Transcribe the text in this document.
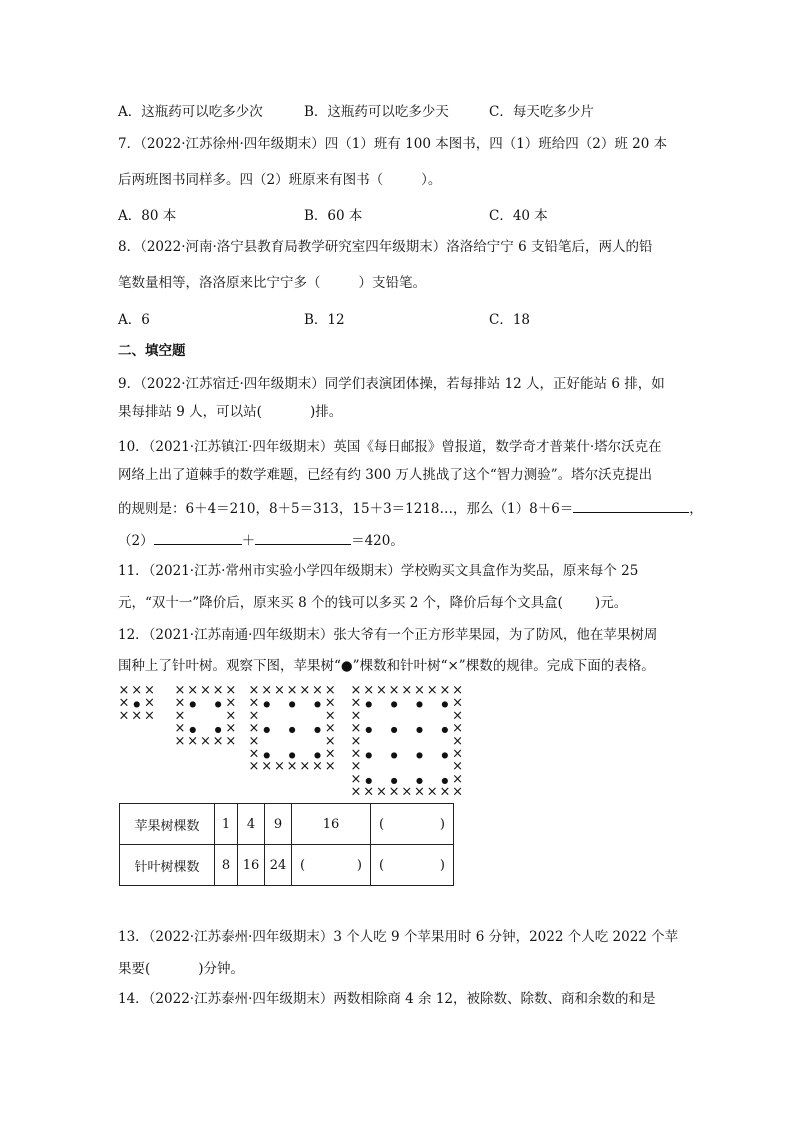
A．这瓶药可以吃多少次	B．这瓶药可以吃多少天	C．每天吃多少片
7．（2022·江苏徐州·四年级期末）四（1）班有 100 本图书，四（1）班给四（2）班 20 本
后两班图书同样多。四（2）班原来有图书（	）。
A．80 本	B．60 本	C．40 本
8．（2022·河南·洛宁县教育局教学研究室四年级期末）洛洛给宁宁 6 支铅笔后，两人的铅
笔数量相等，洛洛原来比宁宁多（	）支铅笔。
A．6	B．12	C．18
二、填空题
9．（2022·江苏宿迁·四年级期末）同学们表演团体操，若每排站 12 人，正好能站 6 排，如
果每排站 9 人，可以站(	)排。
10．（2021·江苏镇江·四年级期末）英国《每日邮报》曾报道，数学奇才普莱什·塔尔沃克在
网络上出了道棘手的数学难题，已经有约 300 万人挑战了这个“智力测验”。塔尔沃克提出
的规则是：6＋4＝210，8＋5＝313，15＋3＝1218…，那么（1）8＋6＝	，
（2）	＋	＝420。
11．（2021·江苏·常州市实验小学四年级期末）学校购买文具盒作为奖品，原来每个 25
元，“双十一”降价后，原来买 8 个的钱可以多买 2 个，降价后每个文具盒( )元。
12．（2021·江苏南通·四年级期末）张大爷有一个正方形苹果园，为了防风，他在苹果树周
围种上了针叶树。观察下图，苹果树“●”棵数和针叶树“×”棵数的规律。完成下面的表格。
× × ×
× ● ×
× × ×
× × × × ×
× ● ● ×
×	×
× ● ● ×
× × × × ×
× × × × × × ×
× ● ● ● ×
×	×
× ● ● ● ×
×	×
× ● ● ● ×
× × × × × × ×
× × × × × × × × ×
× ● ● ● ● ×
×	×
× ● ● ● ● ×
×	×
× ● ● ● ● ×
×	×
× ● ● ● ● ×
× × × × × × × × ×
苹果树棵数	1	4	9	16	( )

针叶树棵数	8	16	24	( )	( )
13．（2022·江苏泰州·四年级期末）3 个人吃 9 个苹果用时 6 分钟，2022 个人吃 2022 个苹
果要(	)分钟。
14．（2022·江苏泰州·四年级期末）两数相除商 4 余 12，被除数、除数、商和余数的和是
